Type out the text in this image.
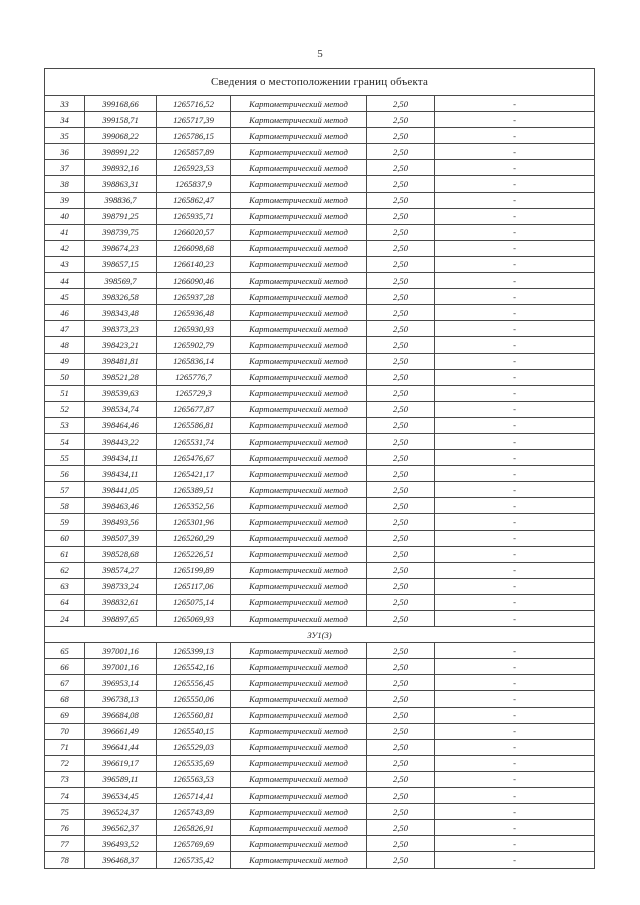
5
Сведения о местоположении границ объекта					
33	399168,66	1265716,52	Картометрический метод	2,50	-
34	399158,71	1265717,39	Картометрический метод	2,50	-
35	399068,22	1265786,15	Картометрический метод	2,50	-
36	398991,22	1265857,89	Картометрический метод	2,50	-
37	398932,16	1265923,53	Картометрический метод	2,50	-
38	398863,31	1265837,9	Картометрический метод	2,50	-
39	398836,7	1265862,47	Картометрический метод	2,50	-
40	398791,25	1265935,71	Картометрический метод	2,50	-
41	398739,75	1266020,57	Картометрический метод	2,50	-
42	398674,23	1266098,68	Картометрический метод	2,50	-
43	398657,15	1266140,23	Картометрический метод	2,50	-
44	398569,7	1266090,46	Картометрический метод	2,50	-
45	398326,58	1265937,28	Картометрический метод	2,50	-
46	398343,48	1265936,48	Картометрический метод	2,50	-
47	398373,23	1265930,93	Картометрический метод	2,50	-
48	398423,21	1265902,79	Картометрический метод	2,50	-
49	398481,81	1265836,14	Картометрический метод	2,50	-
50	398521,28	1265776,7	Картометрический метод	2,50	-
51	398539,63	1265729,3	Картометрический метод	2,50	-
52	398534,74	1265677,87	Картометрический метод	2,50	-
53	398464,46	1265586,81	Картометрический метод	2,50	-
54	398443,22	1265531,74	Картометрический метод	2,50	-
55	398434,11	1265476,67	Картометрический метод	2,50	-
56	398434,11	1265421,17	Картометрический метод	2,50	-
57	398441,05	1265389,51	Картометрический метод	2,50	-
58	398463,46	1265352,56	Картометрический метод	2,50	-
59	398493,56	1265301,96	Картометрический метод	2,50	-
60	398507,39	1265260,29	Картометрический метод	2,50	-
61	398528,68	1265226,51	Картометрический метод	2,50	-
62	398574,27	1265199,89	Картометрический метод	2,50	-
63	398733,24	1265117,06	Картометрический метод	2,50	-
64	398832,61	1265075,14	Картометрический метод	2,50	-
24	398897,65	1265069,93	Картометрический метод	2,50	-
ЗУ1(3)					
65	397001,16	1265399,13	Картометрический метод	2,50	-
66	397001,16	1265542,16	Картометрический метод	2,50	-
67	396953,14	1265556,45	Картометрический метод	2,50	-
68	396738,13	1265550,06	Картометрический метод	2,50	-
69	396684,08	1265560,81	Картометрический метод	2,50	-
70	396661,49	1265540,15	Картометрический метод	2,50	-
71	396641,44	1265529,03	Картометрический метод	2,50	-
72	396619,17	1265535,69	Картометрический метод	2,50	-
73	396589,11	1265563,53	Картометрический метод	2,50	-
74	396534,45	1265714,41	Картометрический метод	2,50	-
75	396524,37	1265743,89	Картометрический метод	2,50	-
76	396562,37	1265826,91	Картометрический метод	2,50	-
77	396493,52	1265769,69	Картометрический метод	2,50	-
78	396468,37	1265735,42	Картометрический метод	2,50	-
